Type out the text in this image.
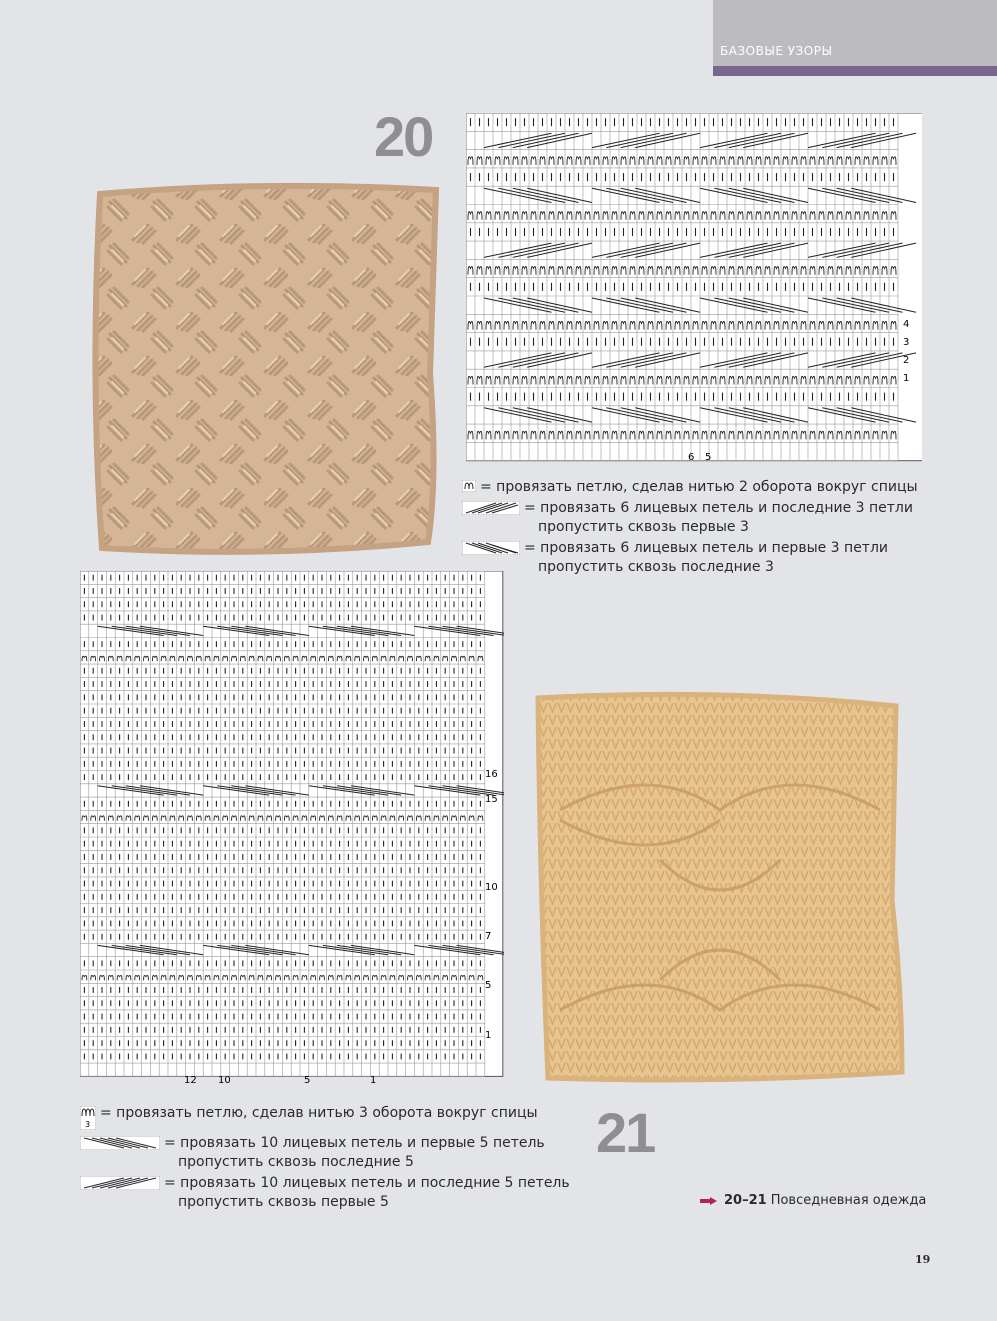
БАЗОВЫЕ УЗОРЫ
20
4
3
2
1
6 5
= провязать петлю, сделав нитью 2 оборота вокруг спицы
= провязать 6 лицевых петель и последние 3 петли
пропустить сквозь первые 3
= провязать 6 лицевых петель и первые 3 петли
пропустить сквозь последние 3
16
15
10
7
5
1
12 10	5	1
3
= провязать петлю, сделав нитью 3 оборота вокруг спицы
= провязать 10 лицевых петель и первые 5 петель
пропустить сквозь последние 5
= провязать 10 лицевых петель и последние 5 петель
пропустить сквозь первые 5
21
20–21 Повседневная одежда
19
